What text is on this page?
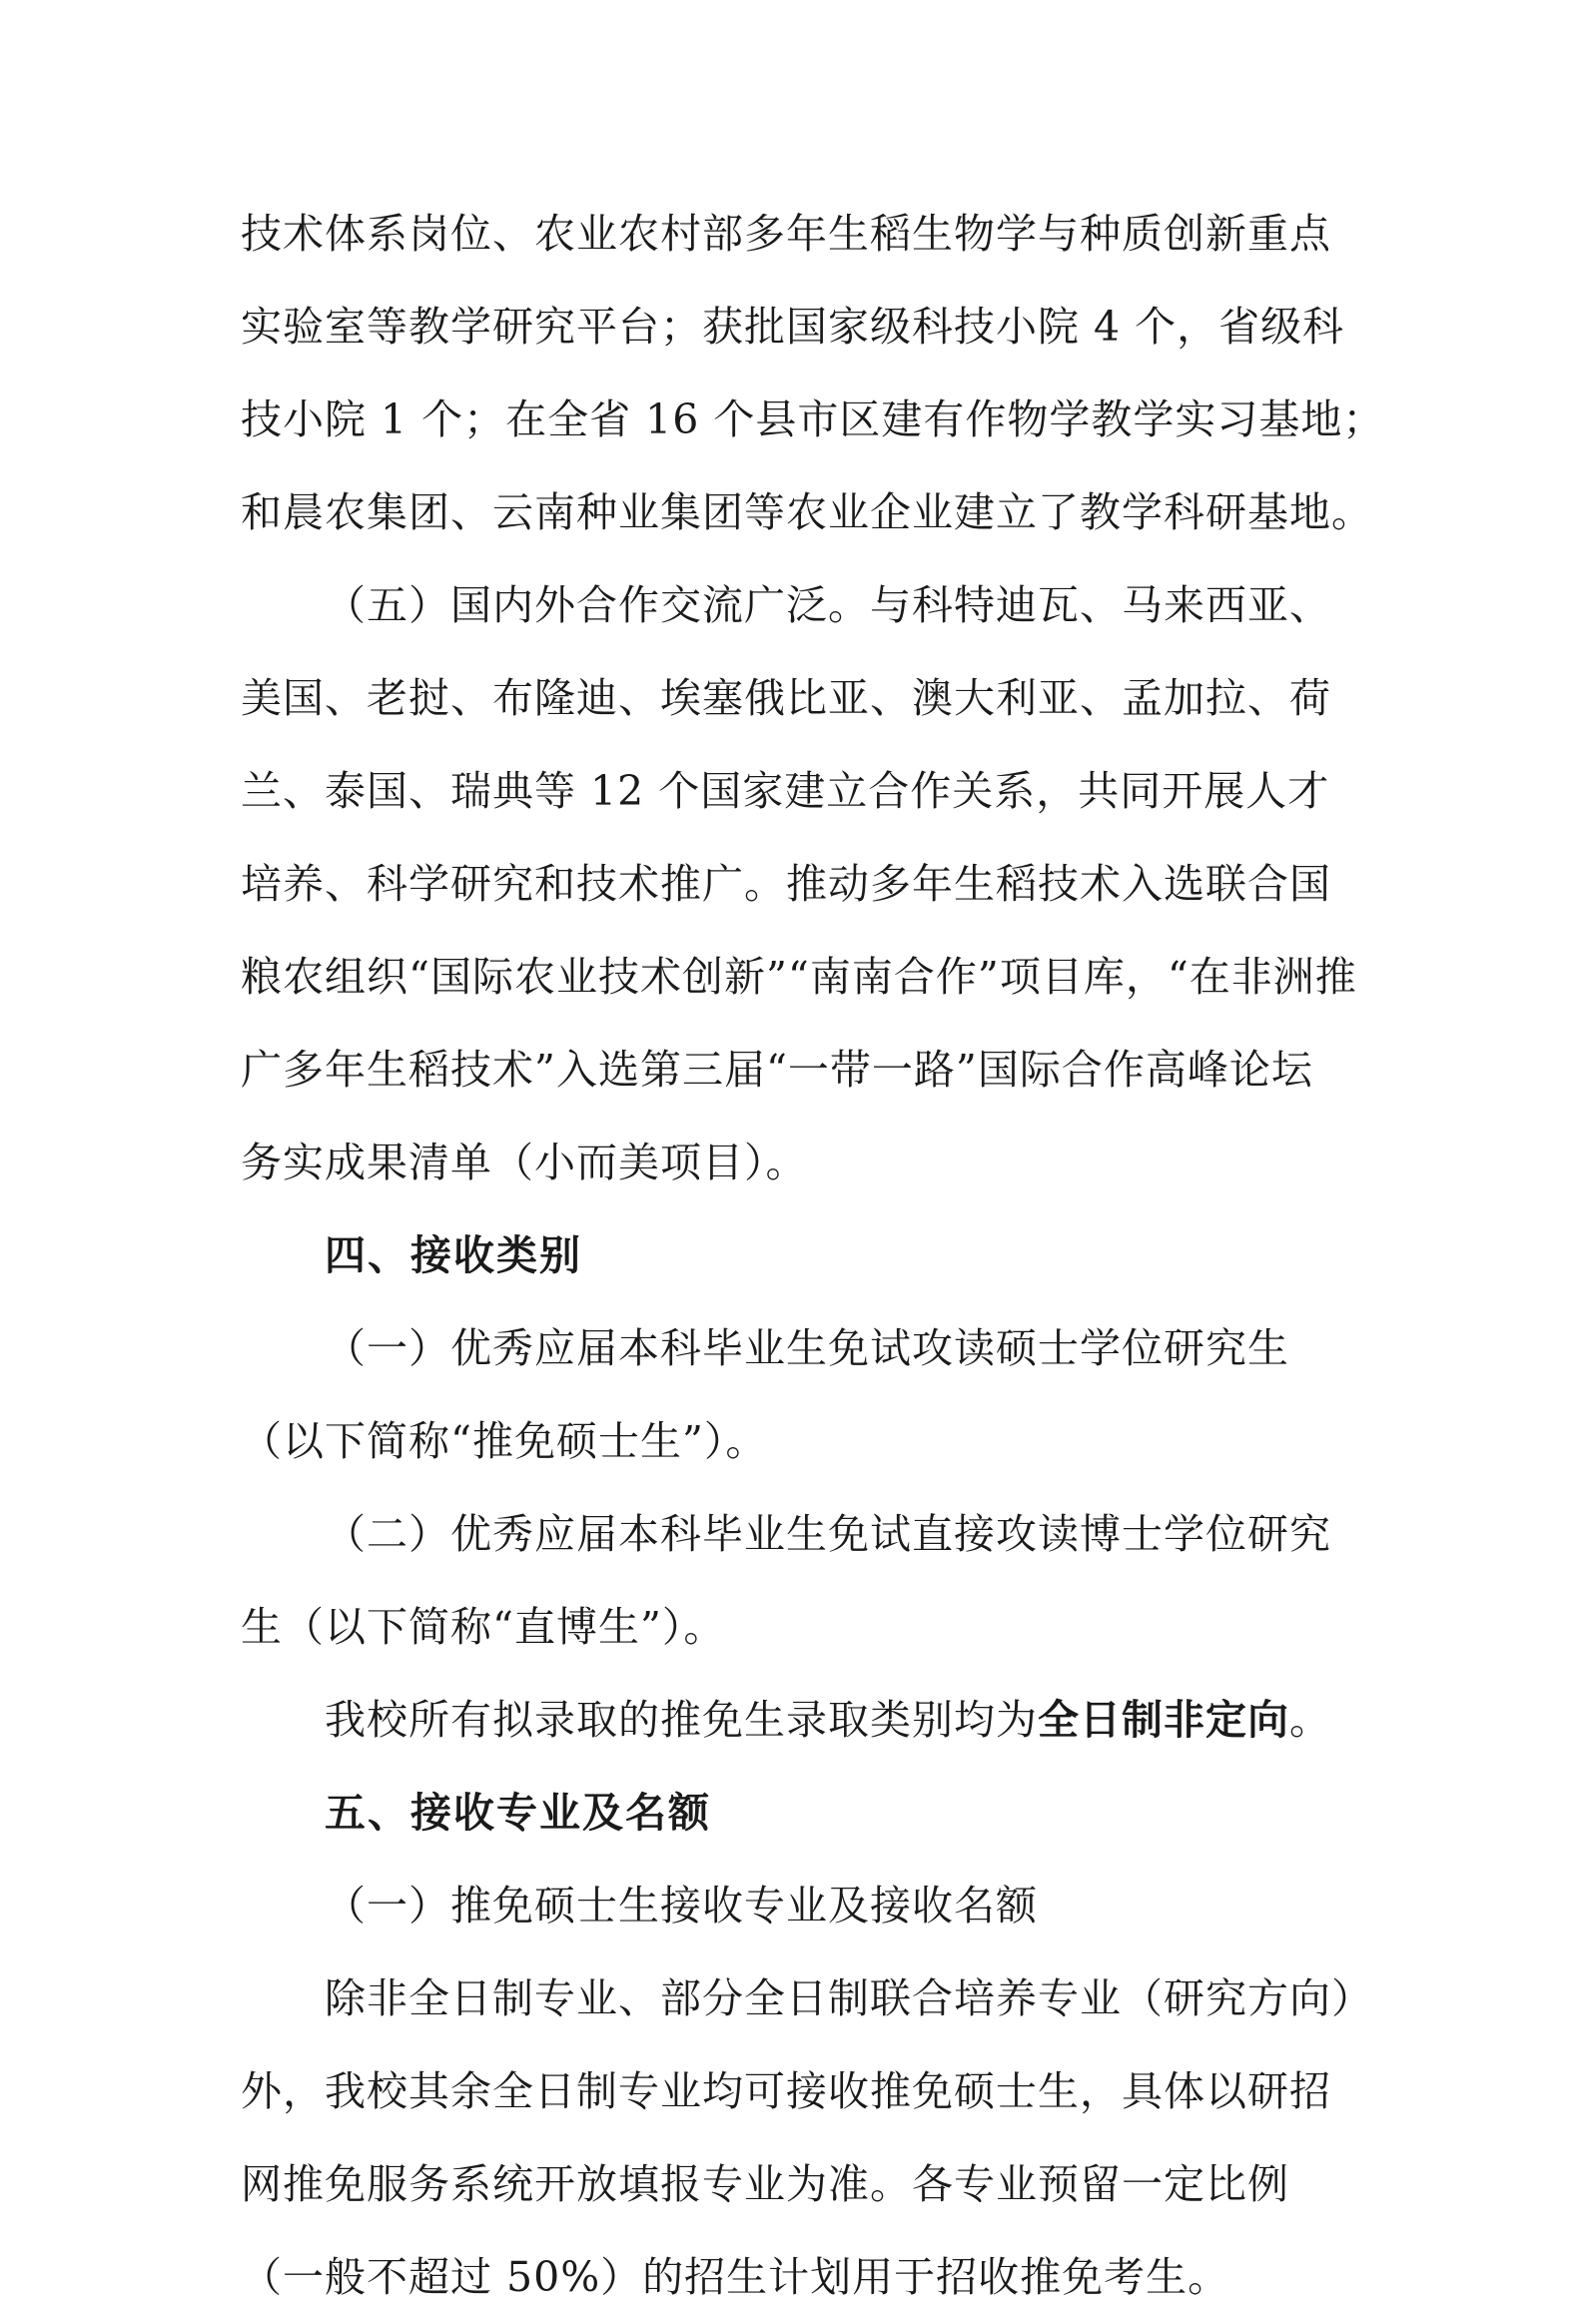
技术体系岗位、农业农村部多年生稻生物学与种质创新重点
实验室等教学研究平台；获批国家级科技小院 4 个，省级科
技小院 1 个；在全省 16 个县市区建有作物学教学实习基地；
和晨农集团、云南种业集团等农业企业建立了教学科研基地。
（五）国内外合作交流广泛。与科特迪瓦、马来西亚、
美国、老挝、布隆迪、埃塞俄比亚、澳大利亚、孟加拉、荷
兰、泰国、瑞典等 12 个国家建立合作关系，共同开展人才
培养、科学研究和技术推广。推动多年生稻技术入选联合国
粮农组织“国际农业技术创新”“南南合作”项目库，“在非洲推
广多年生稻技术”入选第三届“一带一路”国际合作高峰论坛
务实成果清单（小而美项目）。
四、接收类别
（一）优秀应届本科毕业生免试攻读硕士学位研究生
（以下简称“推免硕士生”）。
（二）优秀应届本科毕业生免试直接攻读博士学位研究
生（以下简称“直博生”）。
我校所有拟录取的推免生录取类别均为全日制非定向。
五、接收专业及名额
（一）推免硕士生接收专业及接收名额
除非全日制专业、部分全日制联合培养专业（研究方向）
外，我校其余全日制专业均可接收推免硕士生，具体以研招
网推免服务系统开放填报专业为准。各专业预留一定比例
（一般不超过 50%）的招生计划用于招收推免考生。
